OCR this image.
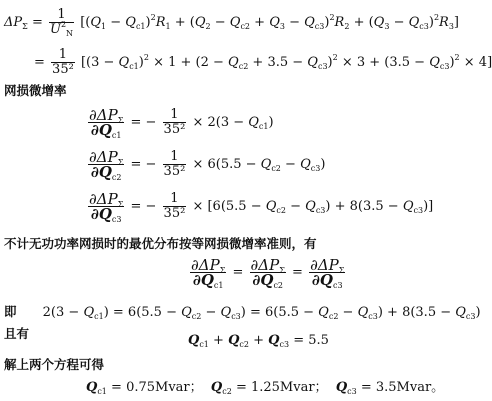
$\Delta P_\Sigma = \frac{1}{U^2_N} [(Q_1 - Q_{c1})^2R_1 + (Q_2 - Q_{c2} + Q_3 - Q_{c3})^2R_2 + (Q_3 - Q_{c3})^2R_3]$
= $\frac{1}{\text{35²}} [(3 - Q_{c1})^2 \times 1 + (2 - Q_{c2} + 3.5 - Q_{c3})^2 \times 3 + (3.5 - Q_{c3})^2 \times 4]$
网损微增率
$\frac{\partial\Delta P_\Sigma}{\partial Q_{c1}}$ = − $\frac{1}{\text{35²}} \times 2(3 - Q_{c1})$
$\frac{\partial\Delta P_\Sigma}{\partial Q_{c2}}$ = − $\frac{1}{\text{35²}} \times 6(5.5 - Q_{c2} - Q_{c3})$
$\frac{\partial\Delta P_\Sigma}{\partial Q_{c3}}$ = − $\frac{1}{\text{35²}} \times [6(5.5 - Q_{c2} - Q_{c3}) + 8(3.5 - Q_{c3})]$
不计无功功率网损时的最优分布按等网损微增率准则，有
$\frac{\partial\Delta P_\Sigma}{\partial Q_{c1}} = \frac{\partial\Delta P_\Sigma}{\partial Q_{c2}} = \frac{\partial\Delta P_\Sigma}{\partial Q_{c3}}$
即 $2(3 - Q_{c1}) = 6(5.5 - Q_{c2} - Q_{c3}) = 6(5.5 - Q_{c2} - Q_{c3}) + 8(3.5 - Q_{c3})$
且有	$Q_{c1} + Q_{c2} + Q_{c3} = 5.5$
解上两个方程可得
$Q_{c1}$ = 0.75Mvar；  $Q_{c2}$ = 1.25Mvar；  $Q_{c3}$ = 3.5Mvar。
